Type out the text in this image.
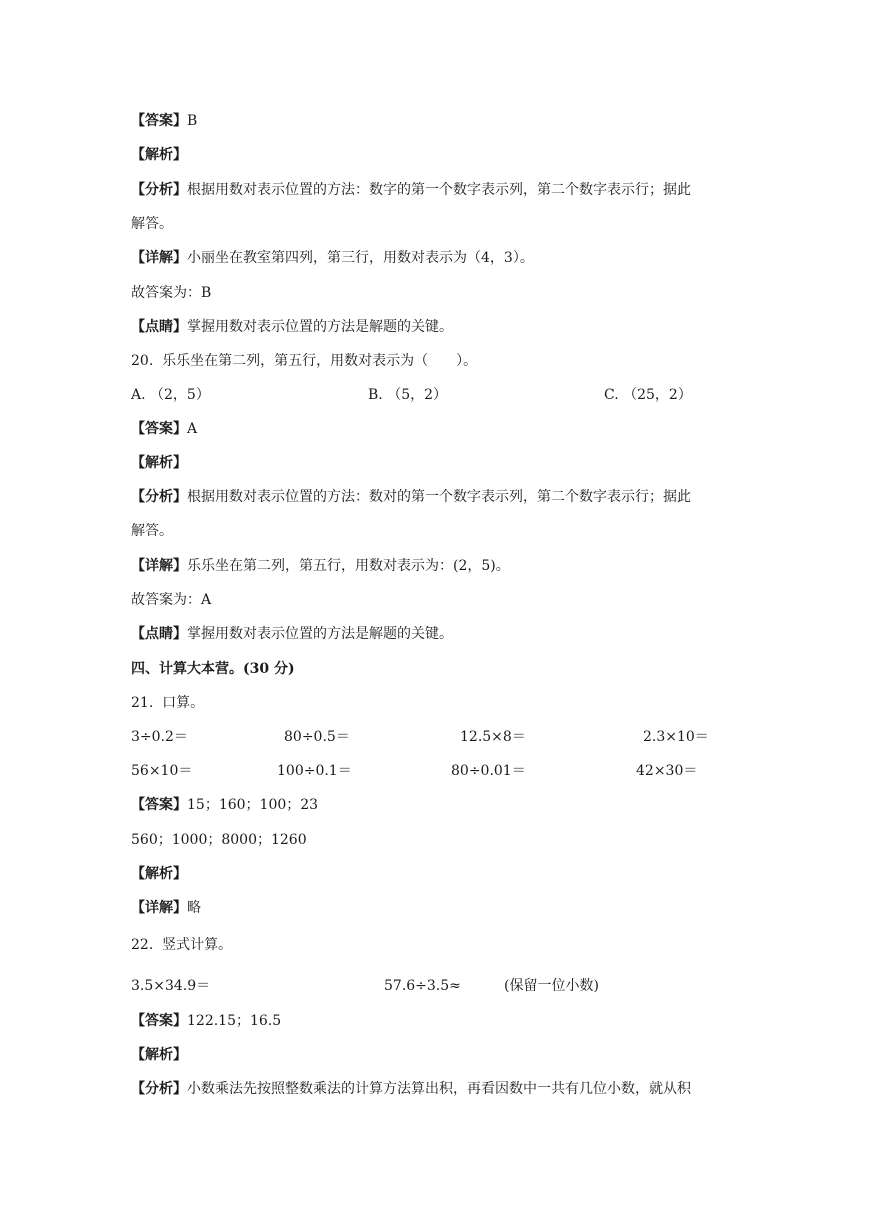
【答案】B
【解析】
【分析】根据用数对表示位置的方法：数字的第一个数字表示列，第二个数字表示行；据此
解答。
【详解】小丽坐在教室第四列，第三行，用数对表示为（4，3）。
故答案为：B
【点睛】掌握用数对表示位置的方法是解题的关键。
20.  乐乐坐在第二列，第五行，用数对表示为（　　）。
A. （2，5）	B. （5，2）	C. （25，2）
【答案】A
【解析】
【分析】根据用数对表示位置的方法：数对的第一个数字表示列，第二个数字表示行；据此
解答。
【详解】乐乐坐在第二列，第五行，用数对表示为：(2，5)。
故答案为：A
【点睛】掌握用数对表示位置的方法是解题的关键。
四、计算大本营。(30 分)
21.  口算。
3÷0.2＝	80÷0.5＝	12.5×8＝	2.3×10＝
56×10＝	100÷0.1＝	80÷0.01＝	42×30＝
【答案】15；160；100；23
560；1000；8000；1260
【解析】
【详解】略
22.  竖式计算。
3.5×34.9＝	57.6÷3.5≈	(保留一位小数)
【答案】122.15；16.5
【解析】
【分析】小数乘法先按照整数乘法的计算方法算出积，再看因数中一共有几位小数，就从积
